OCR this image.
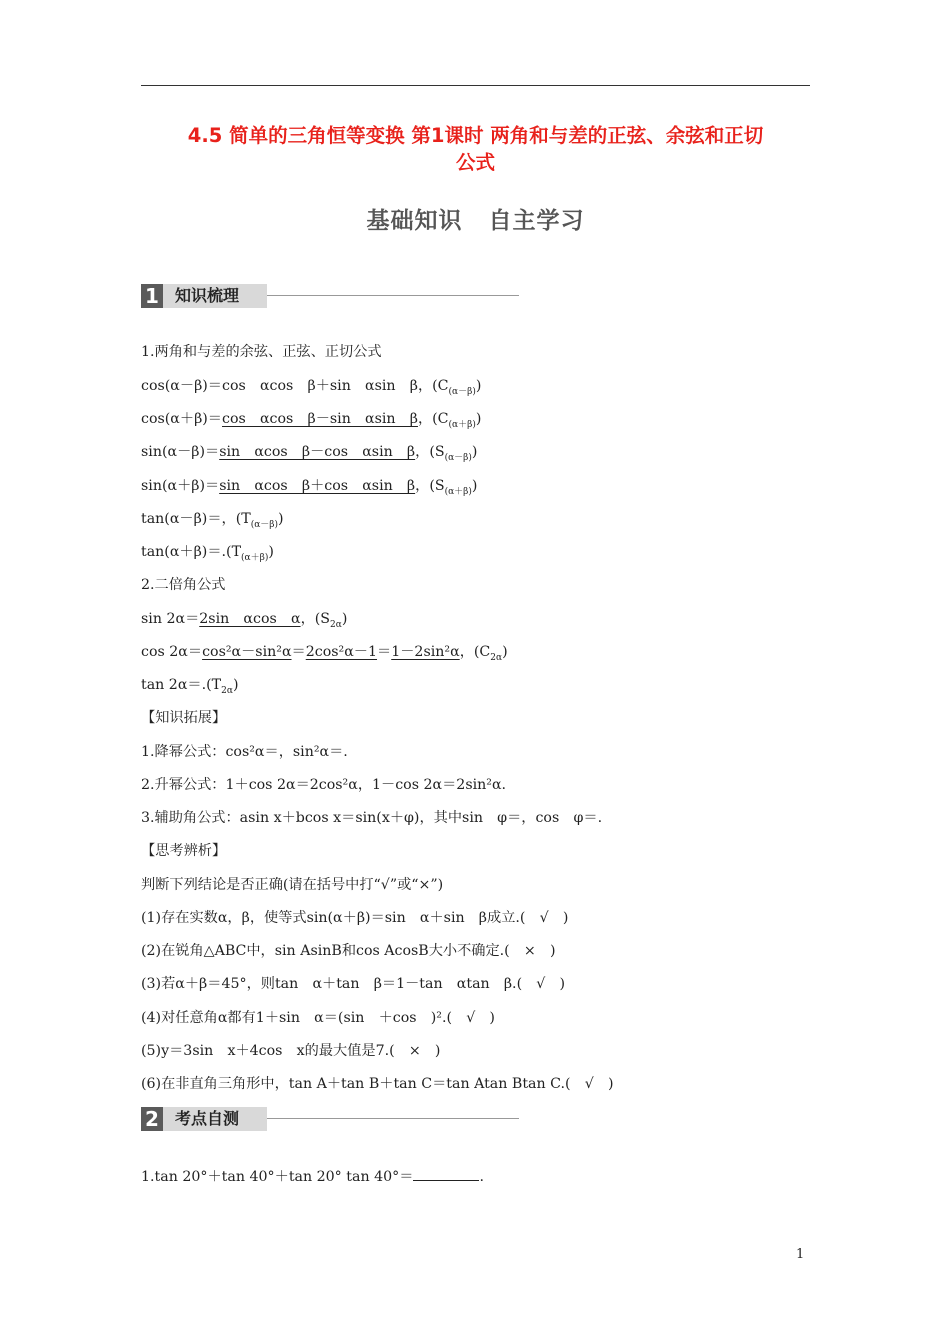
4.5 简单的三角恒等变换 第1课时 两角和与差的正弦、余弦和正切
公式
基础知识 自主学习
1	知识梳理
1.两角和与差的余弦、正弦、正切公式
cos(α－β)＝cos　αcos　β＋sin　αsin　β，$(C_{(\alpha-\beta)})$
cos(α＋β)＝cos　αcos　β－sin　αsin　β，$(C_{(\alpha+\beta)})$
sin(α－β)＝sin　αcos　β－cos　αsin　β，$(S_{(\alpha-\beta)})$
sin(α＋β)＝sin　αcos　β＋cos　αsin　β，$(S_{(\alpha+\beta)})$
tan(α－β)＝，$(T_{(\alpha-\beta)})$
$\tan(\alpha+\beta)=.(T_{(\alpha+\beta)})$
2.二倍角公式
sin 2α＝2sin　αcos　α，$(S_{2\alpha})$
cos 2α＝cos²α－sin²α＝2cos²α－1＝1－2sin²α，$(C_{2\alpha})$
$\tan 2\alpha=.(T_{2\alpha})$
【知识拓展】
1.降幂公式：cos²α＝，sin²α＝.
2.升幂公式：1＋cos 2α＝2cos²α，1－cos 2α＝2sin²α.
3.辅助角公式：asin x＋bcos x＝sin(x＋φ)，其中sin　φ＝，cos　φ＝.
【思考辨析】
判断下列结论是否正确(请在括号中打“√”或“×”)
(1)存在实数α，β，使等式sin(α＋β)＝sin　α＋sin　β成立.(　√　)
(2)在锐角△ABC中，sin AsinB和cos AcosB大小不确定.(　×　)
(3)若α＋β＝45°，则tan　α＋tan　β＝1－tan　αtan　β.(　√　)
(4)对任意角α都有1＋sin　α＝(sin　＋cos　)².(　√　)
(5)y＝3sin　x＋4cos　x的最大值是7.(　×　)
(6)在非直角三角形中，tan A＋tan B＋tan C＝tan Atan Btan C.(　√　)
2	考点自测
1.tan 20°＋tan 40°＋tan 20° tan 40°＝	.
1
